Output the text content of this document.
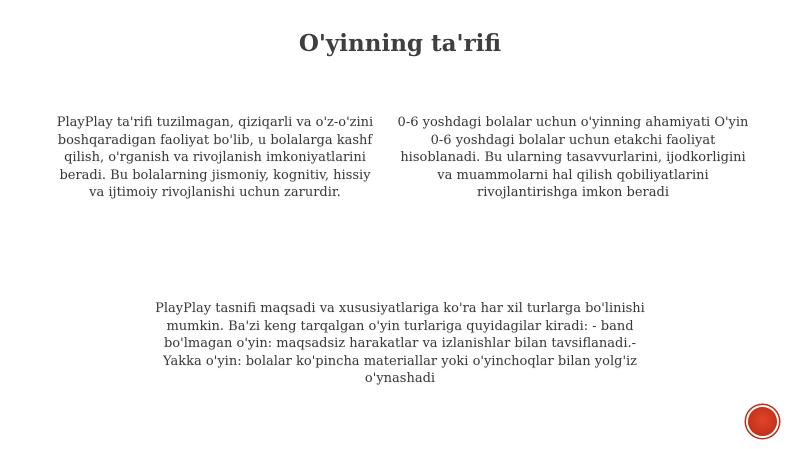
O'yinning ta'rifi

PlayPlay ta'rifi tuzilmagan, qiziqarli va o'z-o'zini boshqaradigan faoliyat bo'lib, u bolalarga kashf qilish, o'rganish va rivojlanish imkoniyatlarini beradi. Bu bolalarning jismoniy, kognitiv, hissiy va ijtimoiy rivojlanishi uchun zarurdir.

0-6 yoshdagi bolalar uchun o'yinning ahamiyati O'yin 0-6 yoshdagi bolalar uchun etakchi faoliyat hisoblanadi. Bu ularning tasavvurlarini, ijodkorligini va muammolarni hal qilish qobiliyatlarini rivojlantirishga imkon beradi

PlayPlay tasnifi maqsadi va xususiyatlariga ko'ra har xil turlarga bo'linishi mumkin. Ba'zi keng tarqalgan o'yin turlariga quyidagilar kiradi: - band bo'lmagan o'yin: maqsadsiz harakatlar va izlanishlar bilan tavsiflanadi.- Yakka o'yin: bolalar ko'pincha materiallar yoki o'yinchoqlar bilan yolg'iz o'ynashadi
